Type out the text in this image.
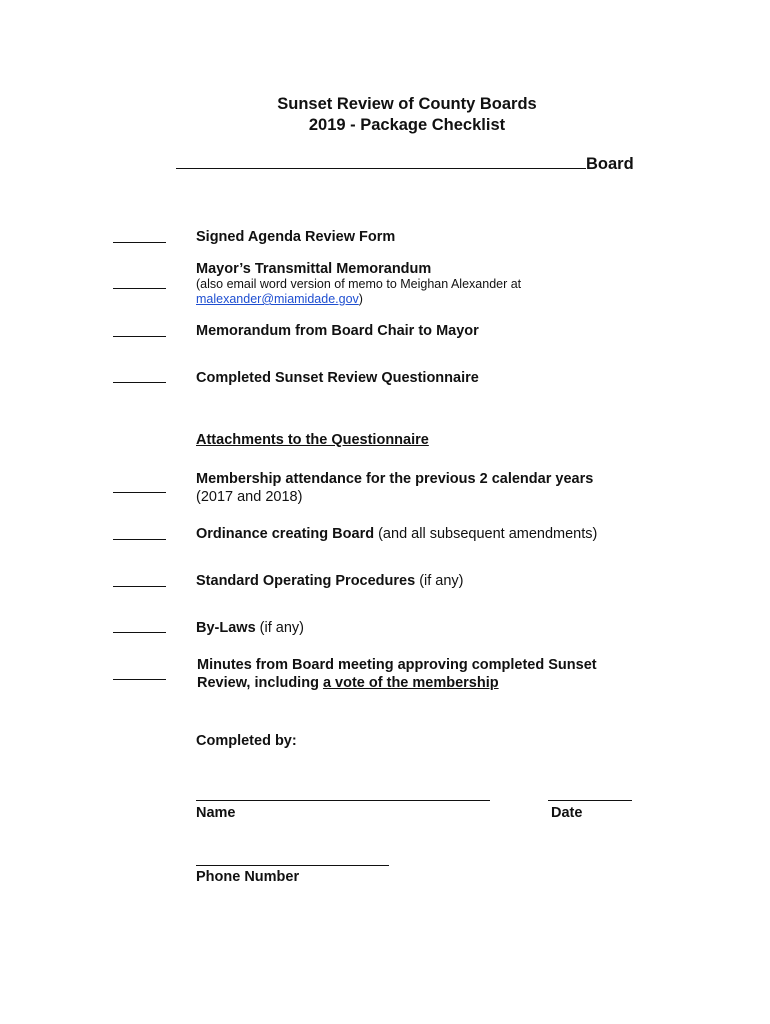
Sunset Review of County Boards
2019 - Package Checklist
Board
Signed Agenda Review Form
Mayor’s Transmittal Memorandum
(also email word version of memo to Meighan Alexander at
malexander@miamidade.gov)
Memorandum from Board Chair to Mayor
Completed Sunset Review Questionnaire
Attachments to the Questionnaire
Membership attendance for the previous 2 calendar years
(2017 and 2018)
Ordinance creating Board (and all subsequent amendments)
Standard Operating Procedures (if any)
By-Laws (if any)
Minutes from Board meeting approving completed Sunset
Review, including a vote of the membership
Completed by:
Name	Date
Phone Number
